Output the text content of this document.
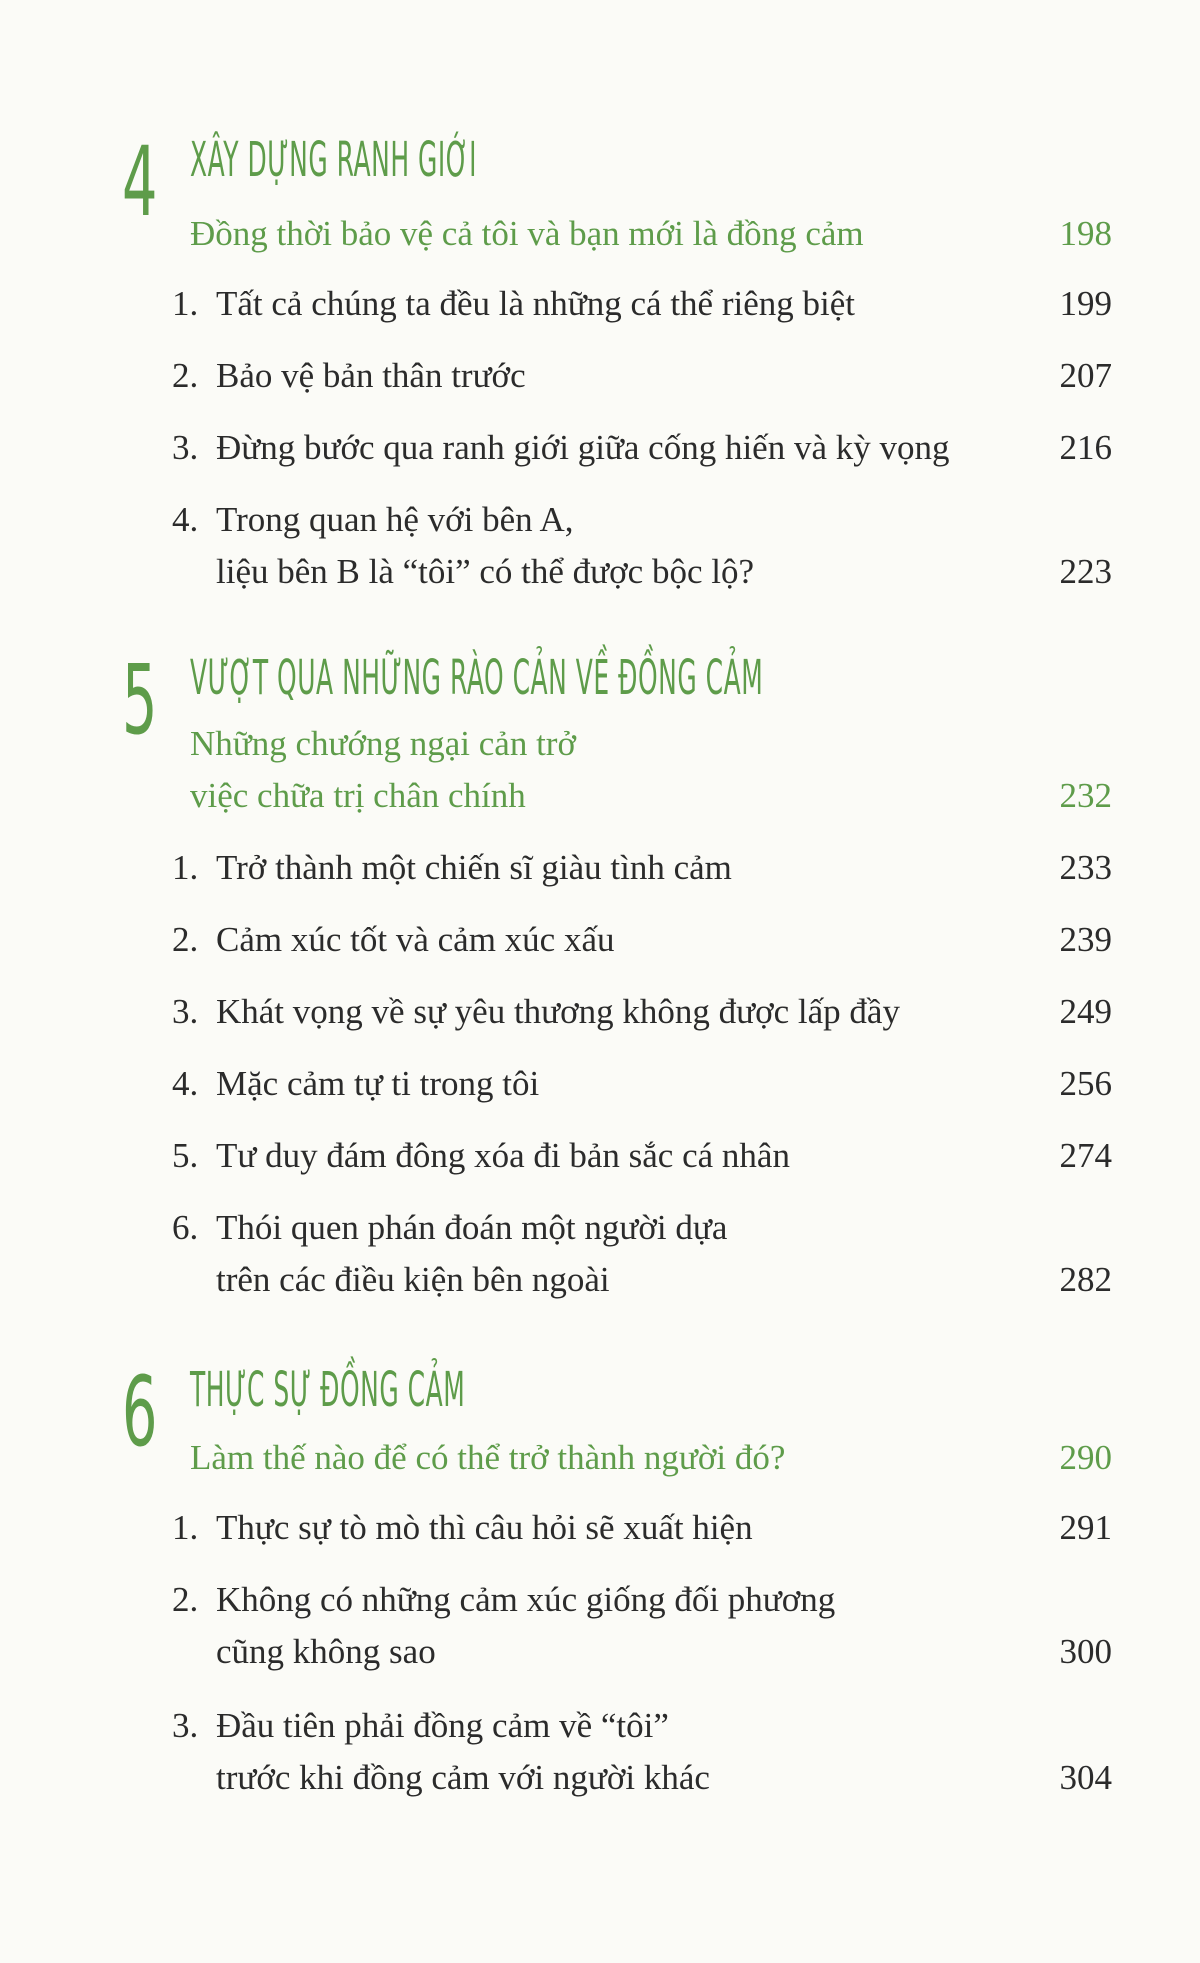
4 XÂY DỰNG RANH GIỚI
Đồng thời bảo vệ cả tôi và bạn mới là đồng cảm	198
1. Tất cả chúng ta đều là những cá thể riêng biệt	199
2. Bảo vệ bản thân trước	207
3. Đừng bước qua ranh giới giữa cống hiến và kỳ vọng	216
4. Trong quan hệ với bên A,
liệu bên B là “tôi” có thể được bộc lộ?	223
5 VƯỢT QUA NHỮNG RÀO CẢN VỀ ĐỒNG CẢM
Những chướng ngại cản trở
việc chữa trị chân chính	232
1. Trở thành một chiến sĩ giàu tình cảm	233
2. Cảm xúc tốt và cảm xúc xấu	239
3. Khát vọng về sự yêu thương không được lấp đầy	249
4. Mặc cảm tự ti trong tôi	256
5. Tư duy đám đông xóa đi bản sắc cá nhân	274
6. Thói quen phán đoán một người dựa
trên các điều kiện bên ngoài	282
6 THỰC SỰ ĐỒNG CẢM
Làm thế nào để có thể trở thành người đó?	290
1. Thực sự tò mò thì câu hỏi sẽ xuất hiện	291
2. Không có những cảm xúc giống đối phương
cũng không sao	300
3. Đầu tiên phải đồng cảm về “tôi”
trước khi đồng cảm với người khác	304
